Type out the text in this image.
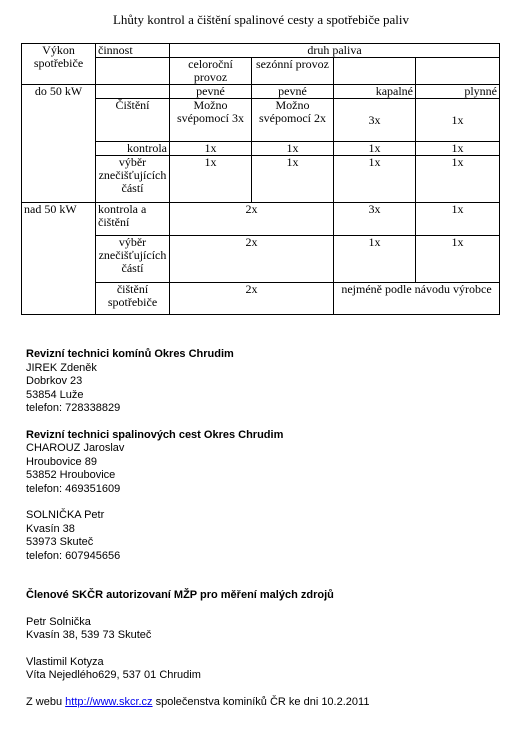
Lhůty kontrol a čištění spalinové cesty a spotřebiče paliv
Výkon spotřebiče	činnost	druh paliva			
		celoroční provoz	sezónní provoz		
do 50 kW		pevné	pevné	kapalné	plynné
	Čištění	Možno svépomocí 3x	Možno svépomocí 2x	3x	1x
	kontrola	1x	1x	1x	1x
	výběr znečišťujících částí	1x	1x	1x	1x
nad 50 kW	kontrola a čištění	2x		3x	1x
	výběr znečišťujících částí	2x		1x	1x
	čištění spotřebiče	2x		nejméně podle návodu výrobce	
Revizní technici komínů Okres Chrudim
JIREK Zdeněk
Dobrkov 23
53854 Luže
telefon: 728338829
Revizní technici spalinových cest Okres Chrudim
CHAROUZ Jaroslav
Hroubovice 89
53852 Hroubovice
telefon: 469351609
SOLNIČKA Petr
Kvasín 38
53973 Skuteč
telefon: 607945656
Členové SKČR autorizovaní MŽP pro měření malých zdrojů
Petr Solnička
Kvasín 38, 539 73 Skuteč
Vlastimil Kotyza
Víta Nejedlého629, 537 01 Chrudim
Z webu http://www.skcr.cz společenstva kominíků ČR ke dni 10.2.2011
